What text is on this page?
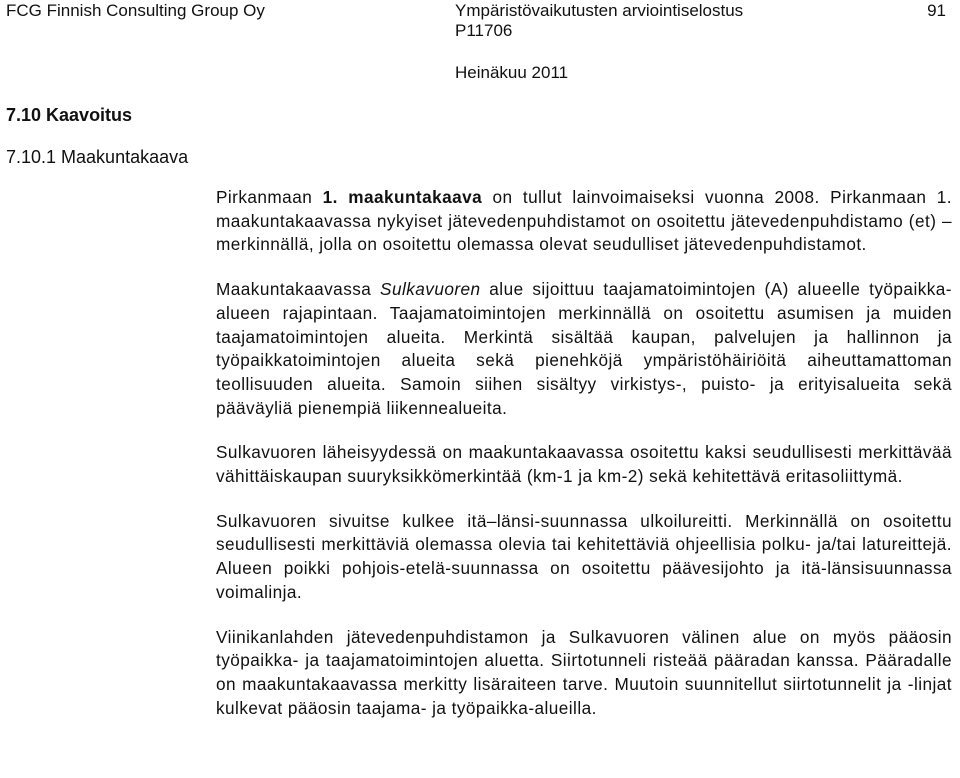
FCG Finnish Consulting Group Oy	Ympäristövaikutusten arviointiselostus
P11706
Heinäkuu 2011
91
7.10 Kaavoitus
7.10.1 Maakuntakaava

Pirkanmaan 1. maakuntakaava on tullut lainvoimaiseksi vuonna 2008. Pirkanmaan 1. maakuntakaavassa nykyiset jätevedenpuhdistamot on osoitettu jätevedenpuhdistamo (et) –merkinnällä, jolla on osoitettu olemassa olevat seudulliset jätevedenpuhdistamot.

Maakuntakaavassa Sulkavuoren alue sijoittuu taajamatoimintojen (A) alueelle työpaikka-alueen rajapintaan. Taajamatoimintojen merkinnällä on osoitettu asumisen ja muiden taajamatoimintojen alueita. Merkintä sisältää kaupan, palvelujen ja hallinnon ja työpaikkatoimintojen alueita sekä pienehköjä ympäristöhäiriöitä aiheuttamattoman teollisuuden alueita. Samoin siihen sisältyy virkistys-, puisto- ja erityisalueita sekä pääväyliä pienempiä liikennealueita.

Sulkavuoren läheisyydessä on maakuntakaavassa osoitettu kaksi seudullisesti merkittävää vähittäiskaupan suuryksikkömerkintää (km-1 ja km-2) sekä kehitettävä eritasoliittymä.

Sulkavuoren sivuitse kulkee itä–länsi-suunnassa ulkoilureitti. Merkinnällä on osoitettu seudullisesti merkittäviä olemassa olevia tai kehitettäviä ohjeellisia polku- ja/tai latureittejä. Alueen poikki pohjois-etelä-suunnassa on osoitettu päävesijohto ja itä-länsisuunnassa voimalinja.

Viinikanlahden jätevedenpuhdistamon ja Sulkavuoren välinen alue on myös pääosin työpaikka- ja taajamatoimintojen aluetta. Siirtotunneli risteää pääradan kanssa. Pääradalle on maakuntakaavassa merkitty lisäraiteen tarve. Muutoin suunnitellut siirtotunnelit ja -linjat kulkevat pääosin taajama- ja työpaikka-alueilla.
